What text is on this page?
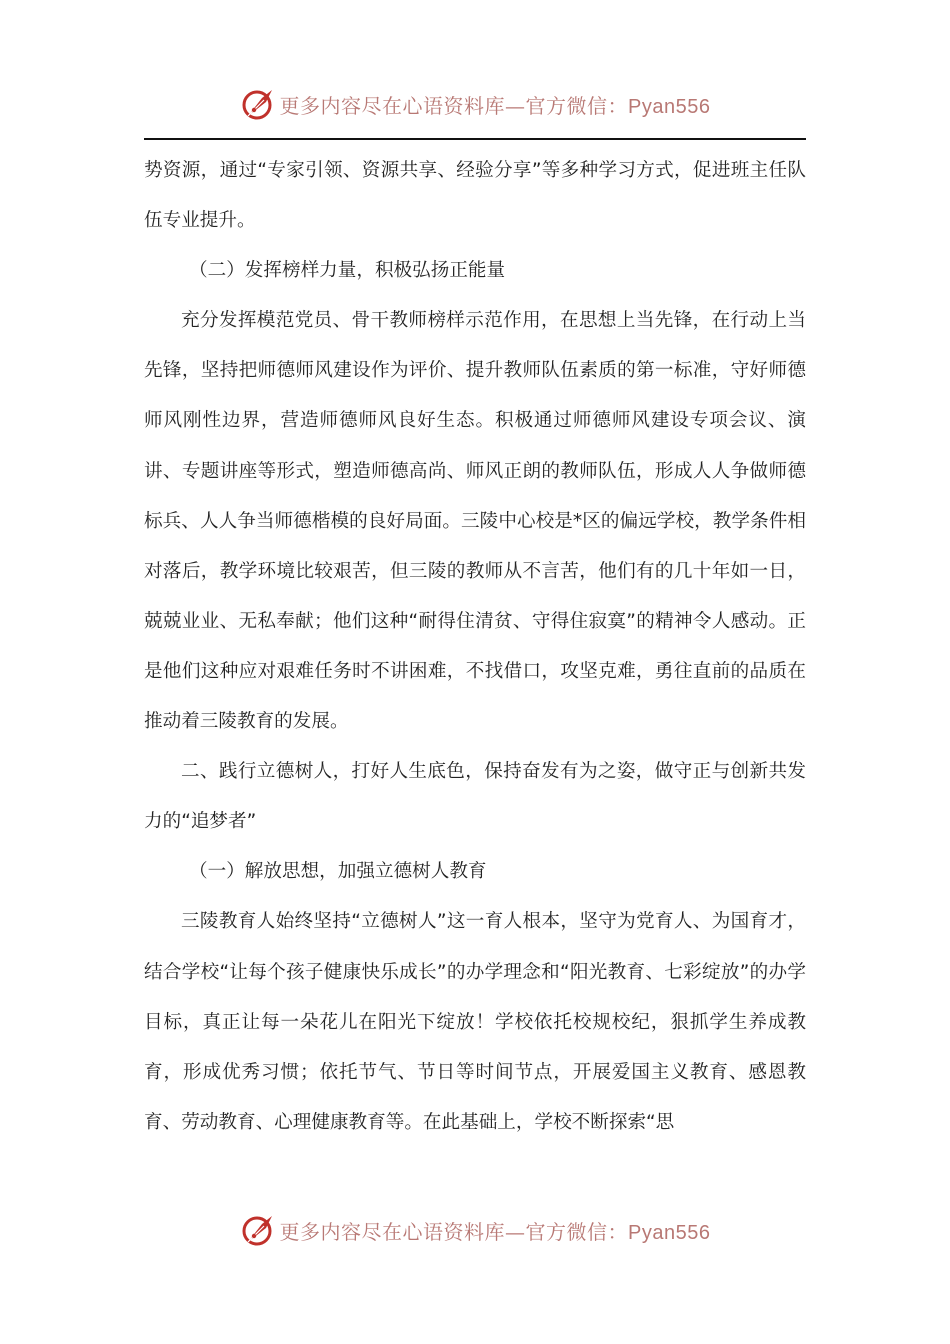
更多内容尽在心语资料库—官方微信：Pyan556

势资源，通过“专家引领、资源共享、经验分享”等多种学习方式，促进班主任队伍专业提升。

（二）发挥榜样力量，积极弘扬正能量

充分发挥模范党员、骨干教师榜样示范作用，在思想上当先锋，在行动上当先锋，坚持把师德师风建设作为评价、提升教师队伍素质的第一标准，守好师德师风刚性边界，营造师德师风良好生态。积极通过师德师风建设专项会议、演讲、专题讲座等形式，塑造师德高尚、师风正朗的教师队伍，形成人人争做师德标兵、人人争当师德楷模的良好局面。三陵中心校是*区的偏远学校，教学条件相对落后，教学环境比较艰苦，但三陵的教师从不言苦，他们有的几十年如一日，兢兢业业、无私奉献；他们这种“耐得住清贫、守得住寂寞”的精神令人感动。正是他们这种应对艰难任务时不讲困难，不找借口，攻坚克难，勇往直前的品质在推动着三陵教育的发展。

二、践行立德树人，打好人生底色，保持奋发有为之姿，做守正与创新共发力的“追梦者”

（一）解放思想，加强立德树人教育

三陵教育人始终坚持“立德树人”这一育人根本，坚守为党育人、为国育才，结合学校“让每个孩子健康快乐成长”的办学理念和“阳光教育、七彩绽放”的办学目标，真正让每一朵花儿在阳光下绽放！学校依托校规校纪，狠抓学生养成教育，形成优秀习惯；依托节气、节日等时间节点，开展爱国主义教育、感恩教育、劳动教育、心理健康教育等。在此基础上，学校不断探索“思

更多内容尽在心语资料库—官方微信：Pyan556
